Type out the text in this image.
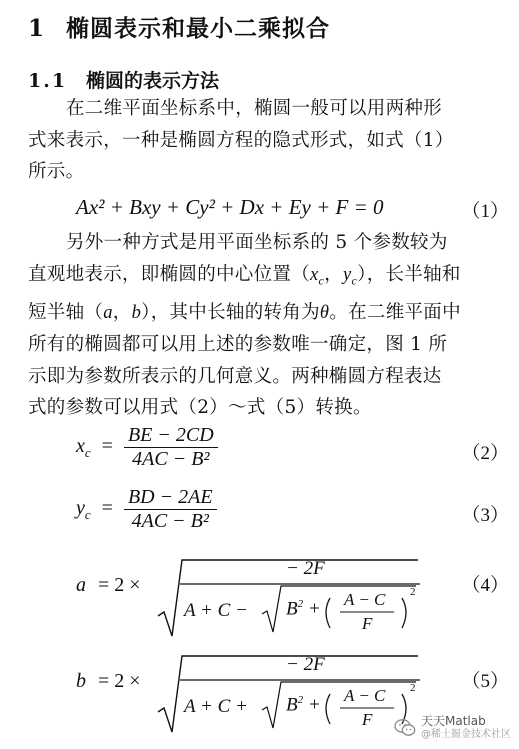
1 椭圆表示和最小二乘拟合
1.1 椭圆的表示方法
在二维平面坐标系中，椭圆一般可以用两种形
式来表示，一种是椭圆方程的隐式形式，如式（1）
所示。
Ax² + Bxy + Cy² + Dx + Ey + F = 0	（1）
另外一种方式是用平面坐标系的 5 个参数较为
直观地表示，即椭圆的中心位置（$x_c$，$y_c$），长半轴和
短半轴（a，b），其中长轴的转角为θ。在二维平面中
所有的椭圆都可以用上述的参数唯一确定，图 1 所
示即为参数所表示的几何意义。两种椭圆方程表达
式的参数可以用式（2）～式（5）转换。
$x_c = \frac{BE - 2CD}{\text{4AC − B²}}$	（2）
$y_c = \frac{BD - 2AE}{\text{4AC − B²}}$	（3）
a = 2 ×
− 2F
$A + C - B^2 + A - C$
F
2 （4）
b = 2 ×
− 2F
$A + C + B^2 + A - C$
F
2 （5）
天天Matlab
@稀土掘金技术社区
